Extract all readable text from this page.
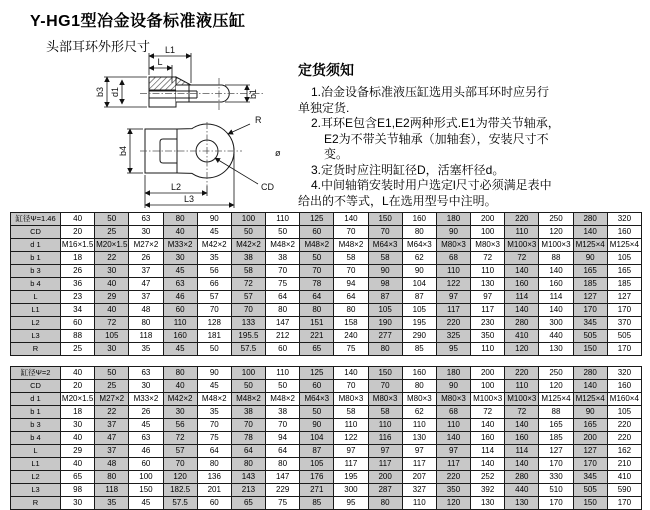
Y-HG1型冶金设备标准液压缸
头部耳环外形尺寸 L1
L
b3 d1	b1
R
ø
CD
L2
L3
b4
定货须知
1.冶金设备标准液压缸选用头部耳环时应另行
单独定货.
2.耳环E包含E1,E2两种形式.E1为带关节轴承，
E2为不带关节轴承（加轴套），安装尺寸不
变。
3.定货时应注明缸径D，活塞杆径d。
4.中间轴销安装时用户选定l尺寸必须满足表中
给出的不等式，L在选用型号中注明。
缸径Ψ=1.46	40	50	63	80	90	100	110	125	140	150	160	180	200	220	250	280	320
CD	20	25	30	40	45	50	50	60	70	70	80	90	100	110	120	140	160
d 1	M16×1.5	M20×1.5	M27×2	M33×2	M42×2	M42×2	M48×2	M48×2	M48×2	M64×3	M64×3	M80×3	M80×3	M100×3	M100×3	M125×4	M125×4
b 1	18	22	26	30	35	38	38	50	58	58	62	68	72	72	88	90	105
b 3	26	30	37	45	56	58	70	70	70	90	90	110	110	140	140	165	165
b 4	36	40	47	63	66	72	75	78	94	98	104	122	130	160	160	185	185
L	23	29	37	46	57	57	64	64	64	87	87	97	97	114	114	127	127
L1	34	40	48	60	70	70	80	80	80	105	105	117	117	140	140	170	170
L2	60	72	80	110	128	133	147	151	158	190	195	220	230	280	300	345	370
L3	88	105	118	160	181	195.5	212	221	240	277	290	325	350	410	440	505	505
R	25	30	35	45	50	57.5	60	65	75	80	85	95	110	120	130	150	170
缸径Ψ=2	40	50	63	80	90	100	110	125	140	150	160	180	200	220	250	280	320
CD	20	25	30	40	45	50	50	60	70	70	80	90	100	110	120	140	160
d 1	M20×1.5	M27×2	M33×2	M42×2	M48×2	M48×2	M48×2	M64×3	M80×3	M80×3	M80×3	M80×3	M100×3	M100×3	M125×4	M125×4	M160×4
b 1	18	22	26	30	35	38	38	50	58	58	62	68	72	72	88	90	105
b 3	30	37	45	56	70	70	70	90	110	110	110	110	140	140	165	165	220
b 4	40	47	63	72	75	78	94	104	122	116	130	140	160	160	185	200	220
L	29	37	46	57	64	64	64	87	97	97	97	97	114	114	127	127	162
L1	40	48	60	70	80	80	80	105	117	117	117	117	140	140	170	170	210
L2	65	80	100	120	136	143	147	176	195	200	207	220	252	280	330	345	410
L3	98	118	150	182.5	201	213	229	271	300	287	327	350	392	440	510	505	590
R	30	35	45	57.5	60	65	75	85	95	80	110	120	130	130	170	150	170
